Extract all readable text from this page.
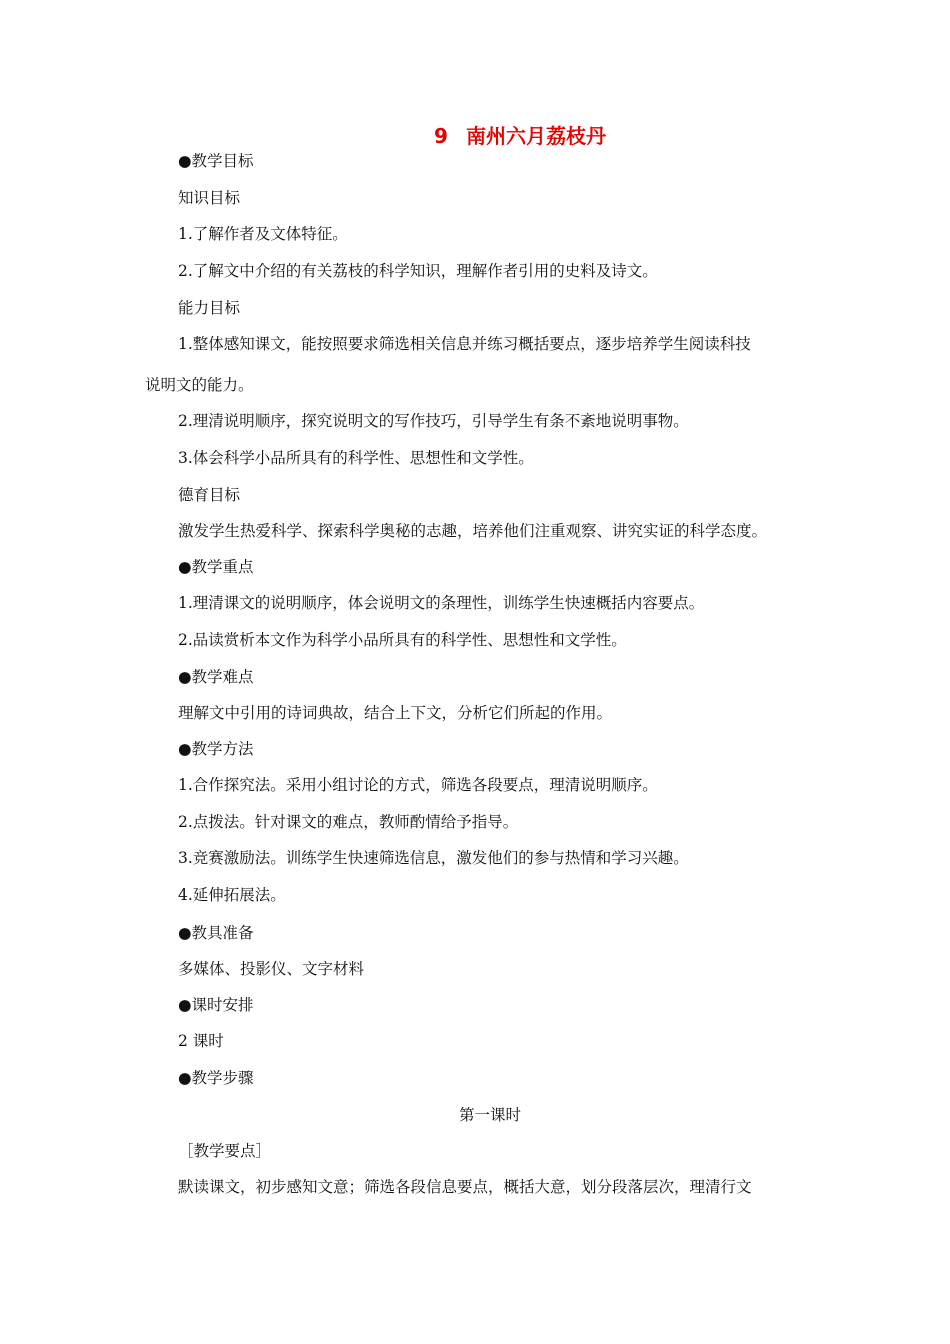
9 南州六月荔枝丹

●教学目标

知识目标

1.了解作者及文体特征。

2.了解文中介绍的有关荔枝的科学知识，理解作者引用的史料及诗文。

能力目标

1.整体感知课文，能按照要求筛选相关信息并练习概括要点，逐步培养学生阅读科技

说明文的能力。

2.理清说明顺序，探究说明文的写作技巧，引导学生有条不紊地说明事物。

3.体会科学小品所具有的科学性、思想性和文学性。

德育目标

激发学生热爱科学、探索科学奥秘的志趣，培养他们注重观察、讲究实证的科学态度。

●教学重点

1.理清课文的说明顺序，体会说明文的条理性，训练学生快速概括内容要点。

2.品读赏析本文作为科学小品所具有的科学性、思想性和文学性。

●教学难点

理解文中引用的诗词典故，结合上下文，分析它们所起的作用。

●教学方法

1.合作探究法。采用小组讨论的方式，筛选各段要点，理清说明顺序。

2.点拨法。针对课文的难点，教师酌情给予指导。

3.竞赛激励法。训练学生快速筛选信息，激发他们的参与热情和学习兴趣。

4.延伸拓展法。

●教具准备

多媒体、投影仪、文字材料

●课时安排

2 课时

●教学步骤

第一课时

［教学要点］

默读课文，初步感知文意；筛选各段信息要点，概括大意，划分段落层次，理清行文
